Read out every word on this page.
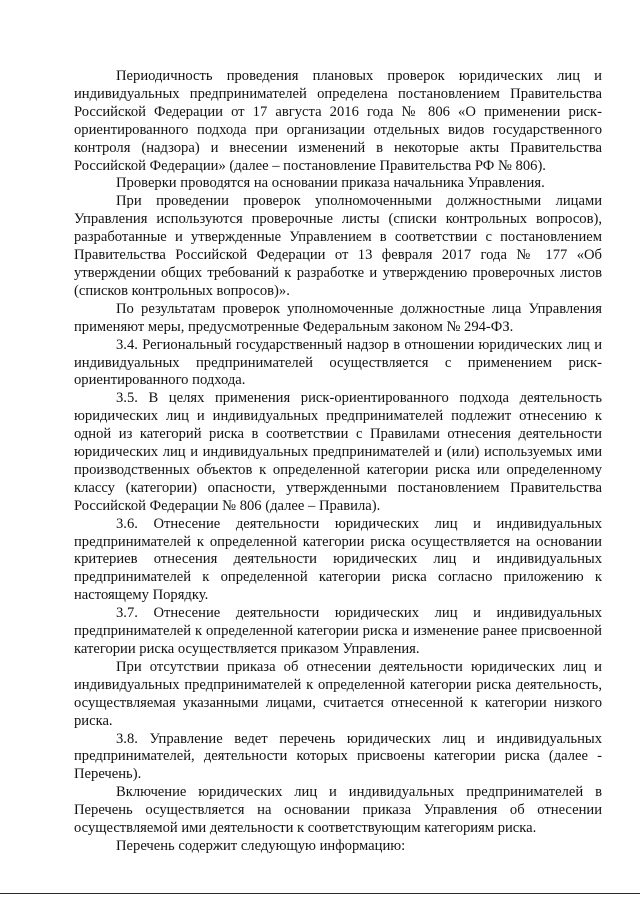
Периодичность проведения плановых проверок юридических лиц и индивидуальных предпринимателей определена постановлением Правительства Российской Федерации от 17 августа 2016 года № 806 «О применении риск-ориентированного подхода при организации отдельных видов государственного контроля (надзора) и внесении изменений в некоторые акты Правительства Российской Федерации» (далее – постановление Правительства РФ № 806).

Проверки проводятся на основании приказа начальника Управления.

При проведении проверок уполномоченными должностными лицами Управления используются проверочные листы (списки контрольных вопросов), разработанные и утвержденные Управлением в соответствии с постановлением Правительства Российской Федерации от 13 февраля 2017 года № 177 «Об утверждении общих требований к разработке и утверждению проверочных листов (списков контрольных вопросов)».

По результатам проверок уполномоченные должностные лица Управления применяют меры, предусмотренные Федеральным законом № 294-ФЗ.

3.4. Региональный государственный надзор в отношении юридических лиц и индивидуальных предпринимателей осуществляется с применением риск-ориентированного подхода.

3.5. В целях применения риск-ориентированного подхода деятельность юридических лиц и индивидуальных предпринимателей подлежит отнесению к одной из категорий риска в соответствии с Правилами отнесения деятельности юридических лиц и индивидуальных предпринимателей и (или) используемых ими производственных объектов к определенной категории риска или определенному классу (категории) опасности, утвержденными постановлением Правительства Российской Федерации № 806 (далее – Правила).

3.6. Отнесение деятельности юридических лиц и индивидуальных предпринимателей к определенной категории риска осуществляется на основании критериев отнесения деятельности юридических лиц и индивидуальных предпринимателей к определенной категории риска согласно приложению к настоящему Порядку.

3.7. Отнесение деятельности юридических лиц и индивидуальных предпринимателей к определенной категории риска и изменение ранее присвоенной категории риска осуществляется приказом Управления.

При отсутствии приказа об отнесении деятельности юридических лиц и индивидуальных предпринимателей к определенной категории риска деятельность, осуществляемая указанными лицами, считается отнесенной к категории низкого риска.

3.8. Управление ведет перечень юридических лиц и индивидуальных предпринимателей, деятельности которых присвоены категории риска (далее - Перечень).

Включение юридических лиц и индивидуальных предпринимателей в Перечень осуществляется на основании приказа Управления об отнесении осуществляемой ими деятельности к соответствующим категориям риска.

Перечень содержит следующую информацию:
